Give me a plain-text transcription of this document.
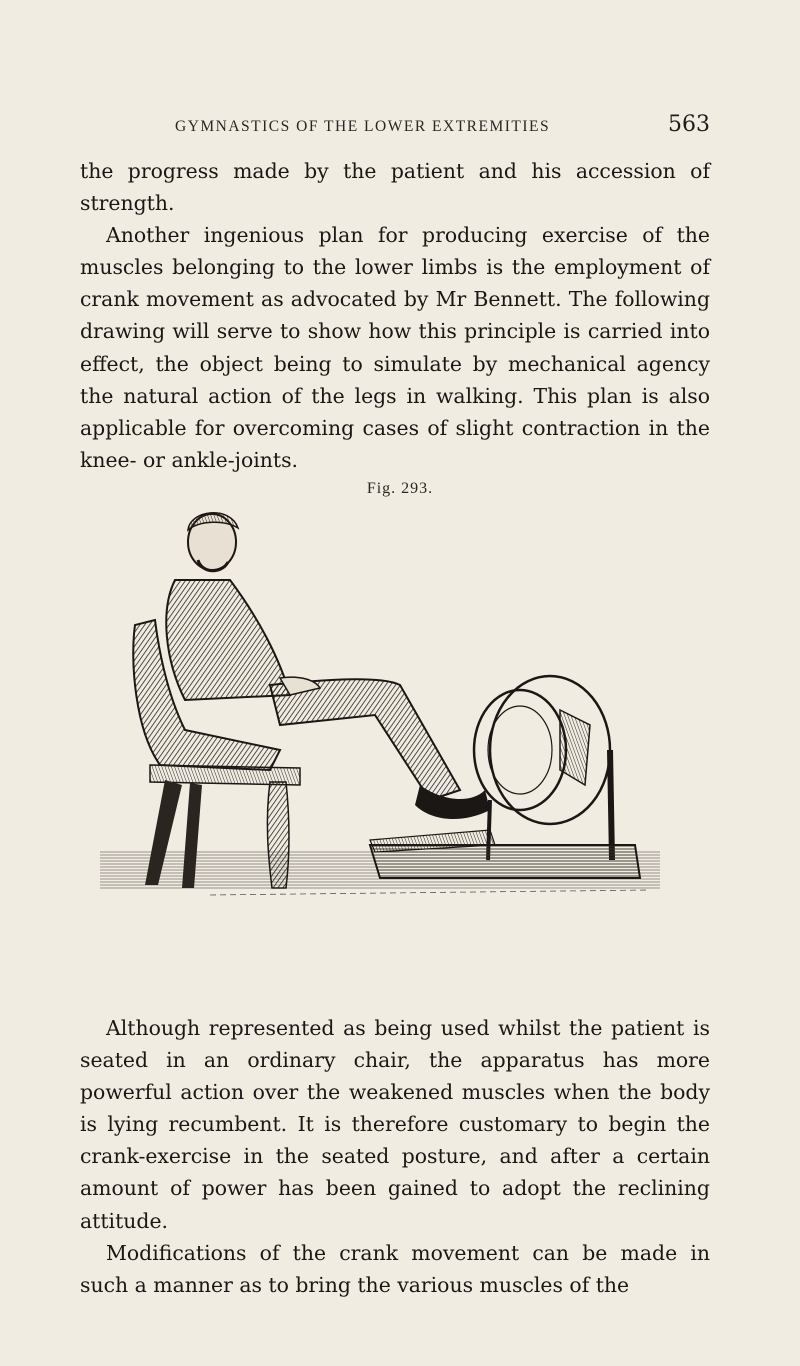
GYMNASTICS OF THE LOWER EXTREMITIES	563

the progress made by the patient and his accession of strength.

Another ingenious plan for producing exercise of the muscles belonging to the lower limbs is the employment of crank movement as advocated by Mr Bennett. The following drawing will serve to show how this principle is carried into effect, the object being to simulate by mechanical agency the natural action of the legs in walking. This plan is also applicable for overcoming cases of slight contraction in the knee- or ankle-joints.

Fig. 293.

Although represented as being used whilst the patient is seated in an ordinary chair, the apparatus has more powerful action over the weakened muscles when the body is lying recumbent. It is therefore customary to begin the crank-exercise in the seated posture, and after a certain amount of power has been gained to adopt the reclining attitude.

Modifications of the crank movement can be made in such a manner as to bring the various muscles of the
